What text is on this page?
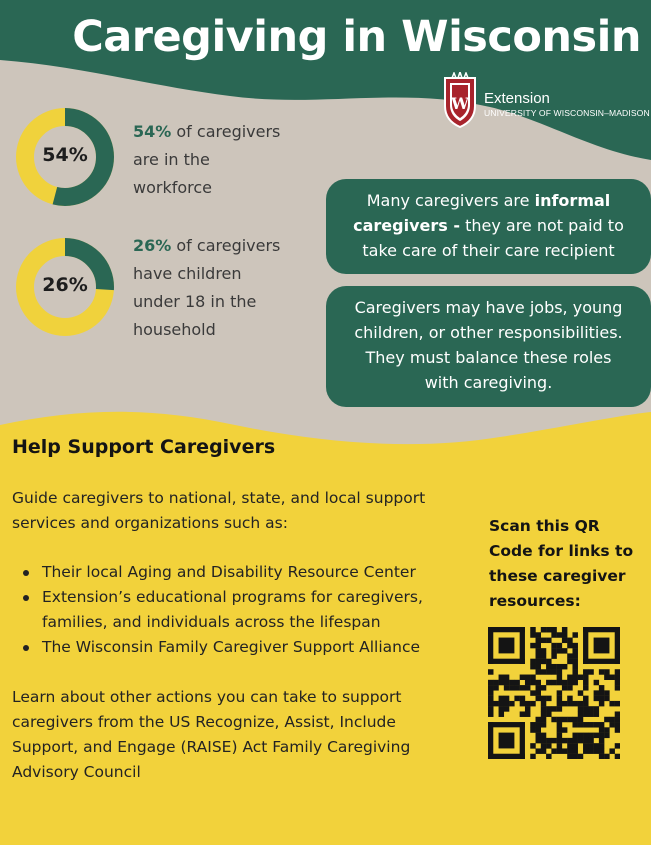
Caregiving in Wisconsin
W Extension
UNIVERSITY OF WISCONSIN–MADISON
54%
54% of caregivers
are in the
workforce
26%
26% of caregivers
have children
under 18 in the
household
Many caregivers are informal
caregivers - they are not paid to
take care of their care recipient
Caregivers may have jobs, young
children, or other responsibilities.
They must balance these roles
with caregiving.
Help Support Caregivers
Guide caregivers to national, state, and local support
services and organizations such as:
Their local Aging and Disability Resource Center
Extension’s educational programs for caregivers,
families, and individuals across the lifespan
The Wisconsin Family Caregiver Support Alliance
Learn about other actions you can take to support
caregivers from the US Recognize, Assist, Include
Support, and Engage (RAISE) Act Family Caregiving
Advisory Council
Scan this QR
Code for links to
these caregiver
resources:
